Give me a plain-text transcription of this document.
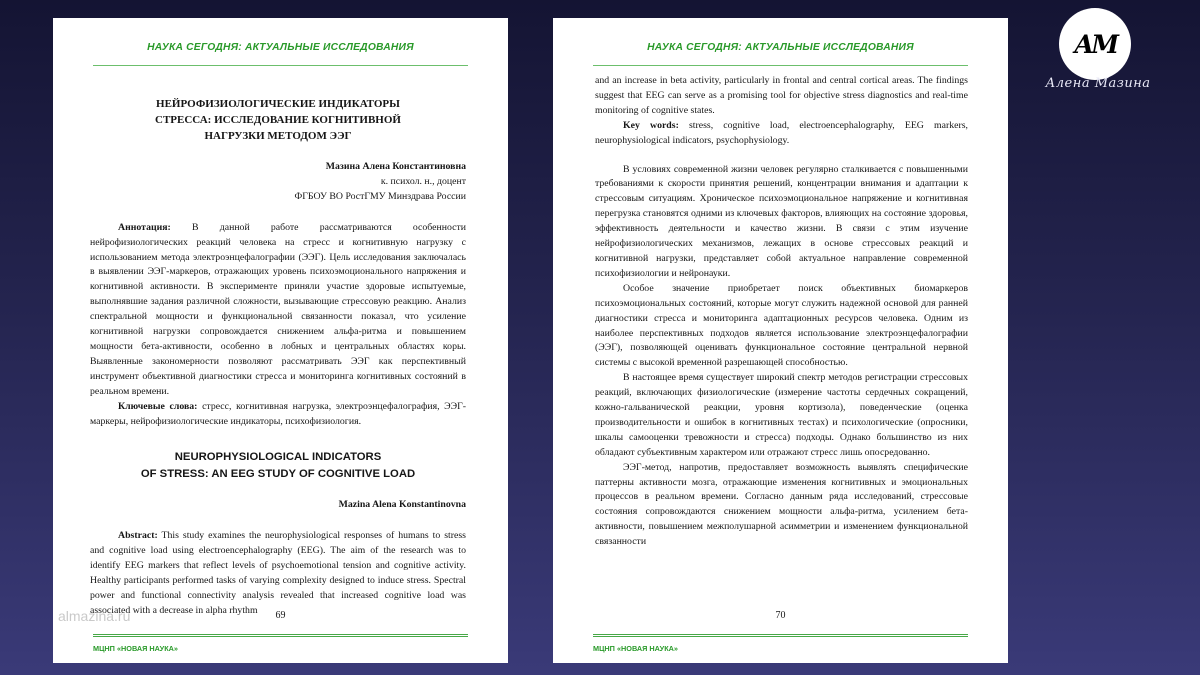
НАУКА СЕГОДНЯ: АКТУАЛЬНЫЕ ИССЛЕДОВАНИЯ

НЕЙРОФИЗИОЛОГИЧЕСКИЕ ИНДИКАТОРЫ СТРЕССА: ИССЛЕДОВАНИЕ КОГНИТИВНОЙ НАГРУЗКИ МЕТОДОМ ЭЭГ

Мазина Алена Константиновна

к. психол. н., доцент

ФГБОУ ВО РостГМУ Минздрава России

Аннотация: В данной работе рассматриваются особенности нейрофизиологических реакций человека на стресс и когнитивную нагрузку с использованием метода электроэнцефалографии (ЭЭГ). Цель исследования заключалась в выявлении ЭЭГ-маркеров, отражающих уровень психоэмоционального напряжения и когнитивной активности. В эксперименте приняли участие здоровые испытуемые, выполнявшие задания различной сложности, вызывающие стрессовую реакцию. Анализ спектральной мощности и функциональной связанности показал, что усиление когнитивной нагрузки сопровождается снижением альфа-ритма и повышением мощности бета-активности, особенно в лобных и центральных областях коры. Выявленные закономерности позволяют рассматривать ЭЭГ как перспективный инструмент объективной диагностики стресса и мониторинга когнитивных состояний в реальном времени.

Ключевые слова: стресс, когнитивная нагрузка, электроэнцефалография, ЭЭГ-маркеры, нейрофизиологические индикаторы, психофизиология.

NEUROPHYSIOLOGICAL INDICATORS

OF STRESS: AN EEG STUDY OF COGNITIVE LOAD

Mazina Alena Konstantinovna

Abstract: This study examines the neurophysiological responses of humans to stress and cognitive load using electroencephalography (EEG). The aim of the research was to identify EEG markers that reflect levels of psychoemotional tension and cognitive activity. Healthy participants performed tasks of varying complexity designed to induce stress. Spectral power and functional connectivity analysis revealed that increased cognitive load was associated with a decrease in alpha rhythm	69
МЦНП «НОВАЯ НАУКА»
НАУКА СЕГОДНЯ: АКТУАЛЬНЫЕ ИССЛЕДОВАНИЯ

and an increase in beta activity, particularly in frontal and central cortical areas. The findings suggest that EEG can serve as a promising tool for objective stress diagnostics and real-time monitoring of cognitive states.

Key words: stress, cognitive load, electroencephalography, EEG markers, neurophysiological indicators, psychophysiology.

В условиях современной жизни человек регулярно сталкивается с повышенными требованиями к скорости принятия решений, концентрации внимания и адаптации к стрессовым ситуациям. Хроническое психоэмоциональное напряжение и когнитивная перегрузка становятся одними из ключевых факторов, влияющих на состояние здоровья, эффективность деятельности и качество жизни. В связи с этим изучение нейрофизиологических механизмов, лежащих в основе стрессовых реакций и когнитивной нагрузки, представляет собой актуальное направление современной психофизиологии и нейронауки.

Особое значение приобретает поиск объективных биомаркеров психоэмоциональных состояний, которые могут служить надежной основой для ранней диагностики стресса и мониторинга адаптационных ресурсов человека. Одним из наиболее перспективных подходов является использование электроэнцефалографии (ЭЭГ), позволяющей оценивать функциональное состояние центральной нервной системы с высокой временной разрешающей способностью.

В настоящее время существует широкий спектр методов регистрации стрессовых реакций, включающих физиологические (измерение частоты сердечных сокращений, кожно-гальванической реакции, уровня кортизола), поведенческие (оценка производительности и ошибок в когнитивных тестах) и психологические (опросники, шкалы самооценки тревожности и стресса) подходы. Однако большинство из них обладают субъективным характером или отражают стресс лишь опосредованно.

ЭЭГ-метод, напротив, предоставляет возможность выявлять специфические паттерны активности мозга, отражающие изменения когнитивных и эмоциональных процессов в реальном времени. Согласно данным ряда исследований, стрессовые состояния сопровождаются снижением мощности альфа-ритма, усилением бета-активности, повышением межполушарной асимметрии и изменением функциональной связанности

70
МЦНП «НОВАЯ НАУКА»
almazina.ru
АМ
Алена Мазина
